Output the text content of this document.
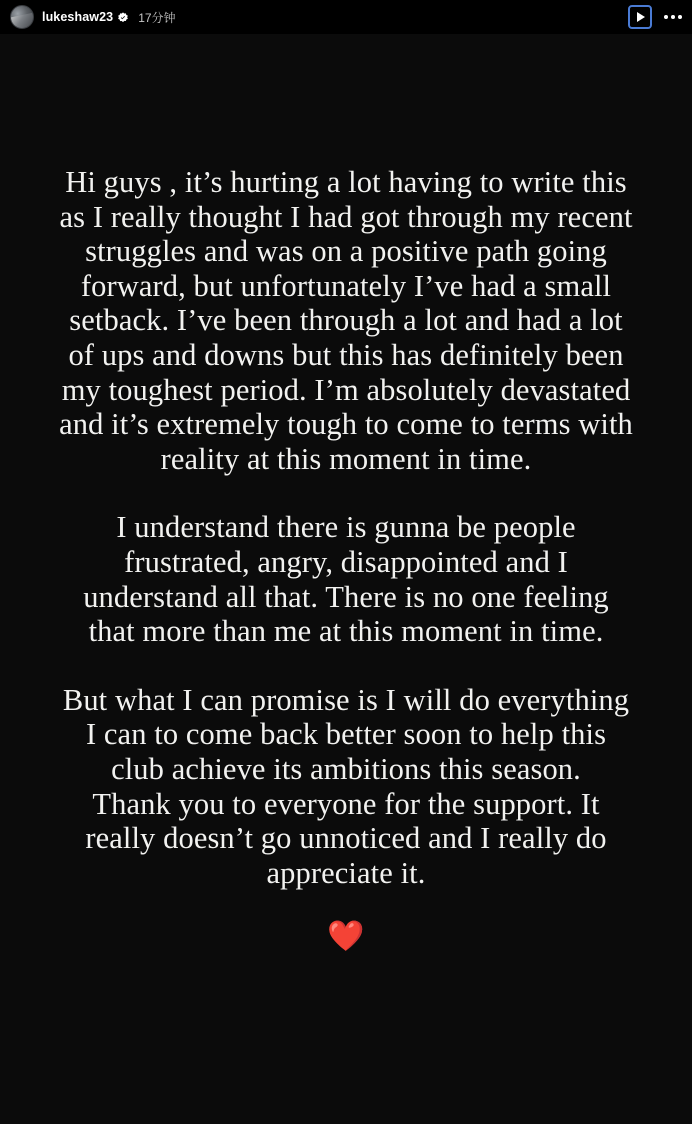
lukeshaw23 17分钟

Hi guys , it’s hurting a lot having to write this as I really thought I had got through my recent struggles and was on a positive path going forward, but unfortunately I’ve had a small setback. I’ve been through a lot and had a lot of ups and downs but this has definitely been my toughest period. I’m absolutely devastated and it’s extremely tough to come to terms with reality at this moment in time.

I understand there is gunna be people frustrated, angry, disappointed and I understand all that. There is no one feeling that more than me at this moment in time.

But what I can promise is I will do everything I can to come back better soon to help this club achieve its ambitions this season.

Thank you to everyone for the support. It really doesn’t go unnoticed and I really do appreciate it.

❤️
